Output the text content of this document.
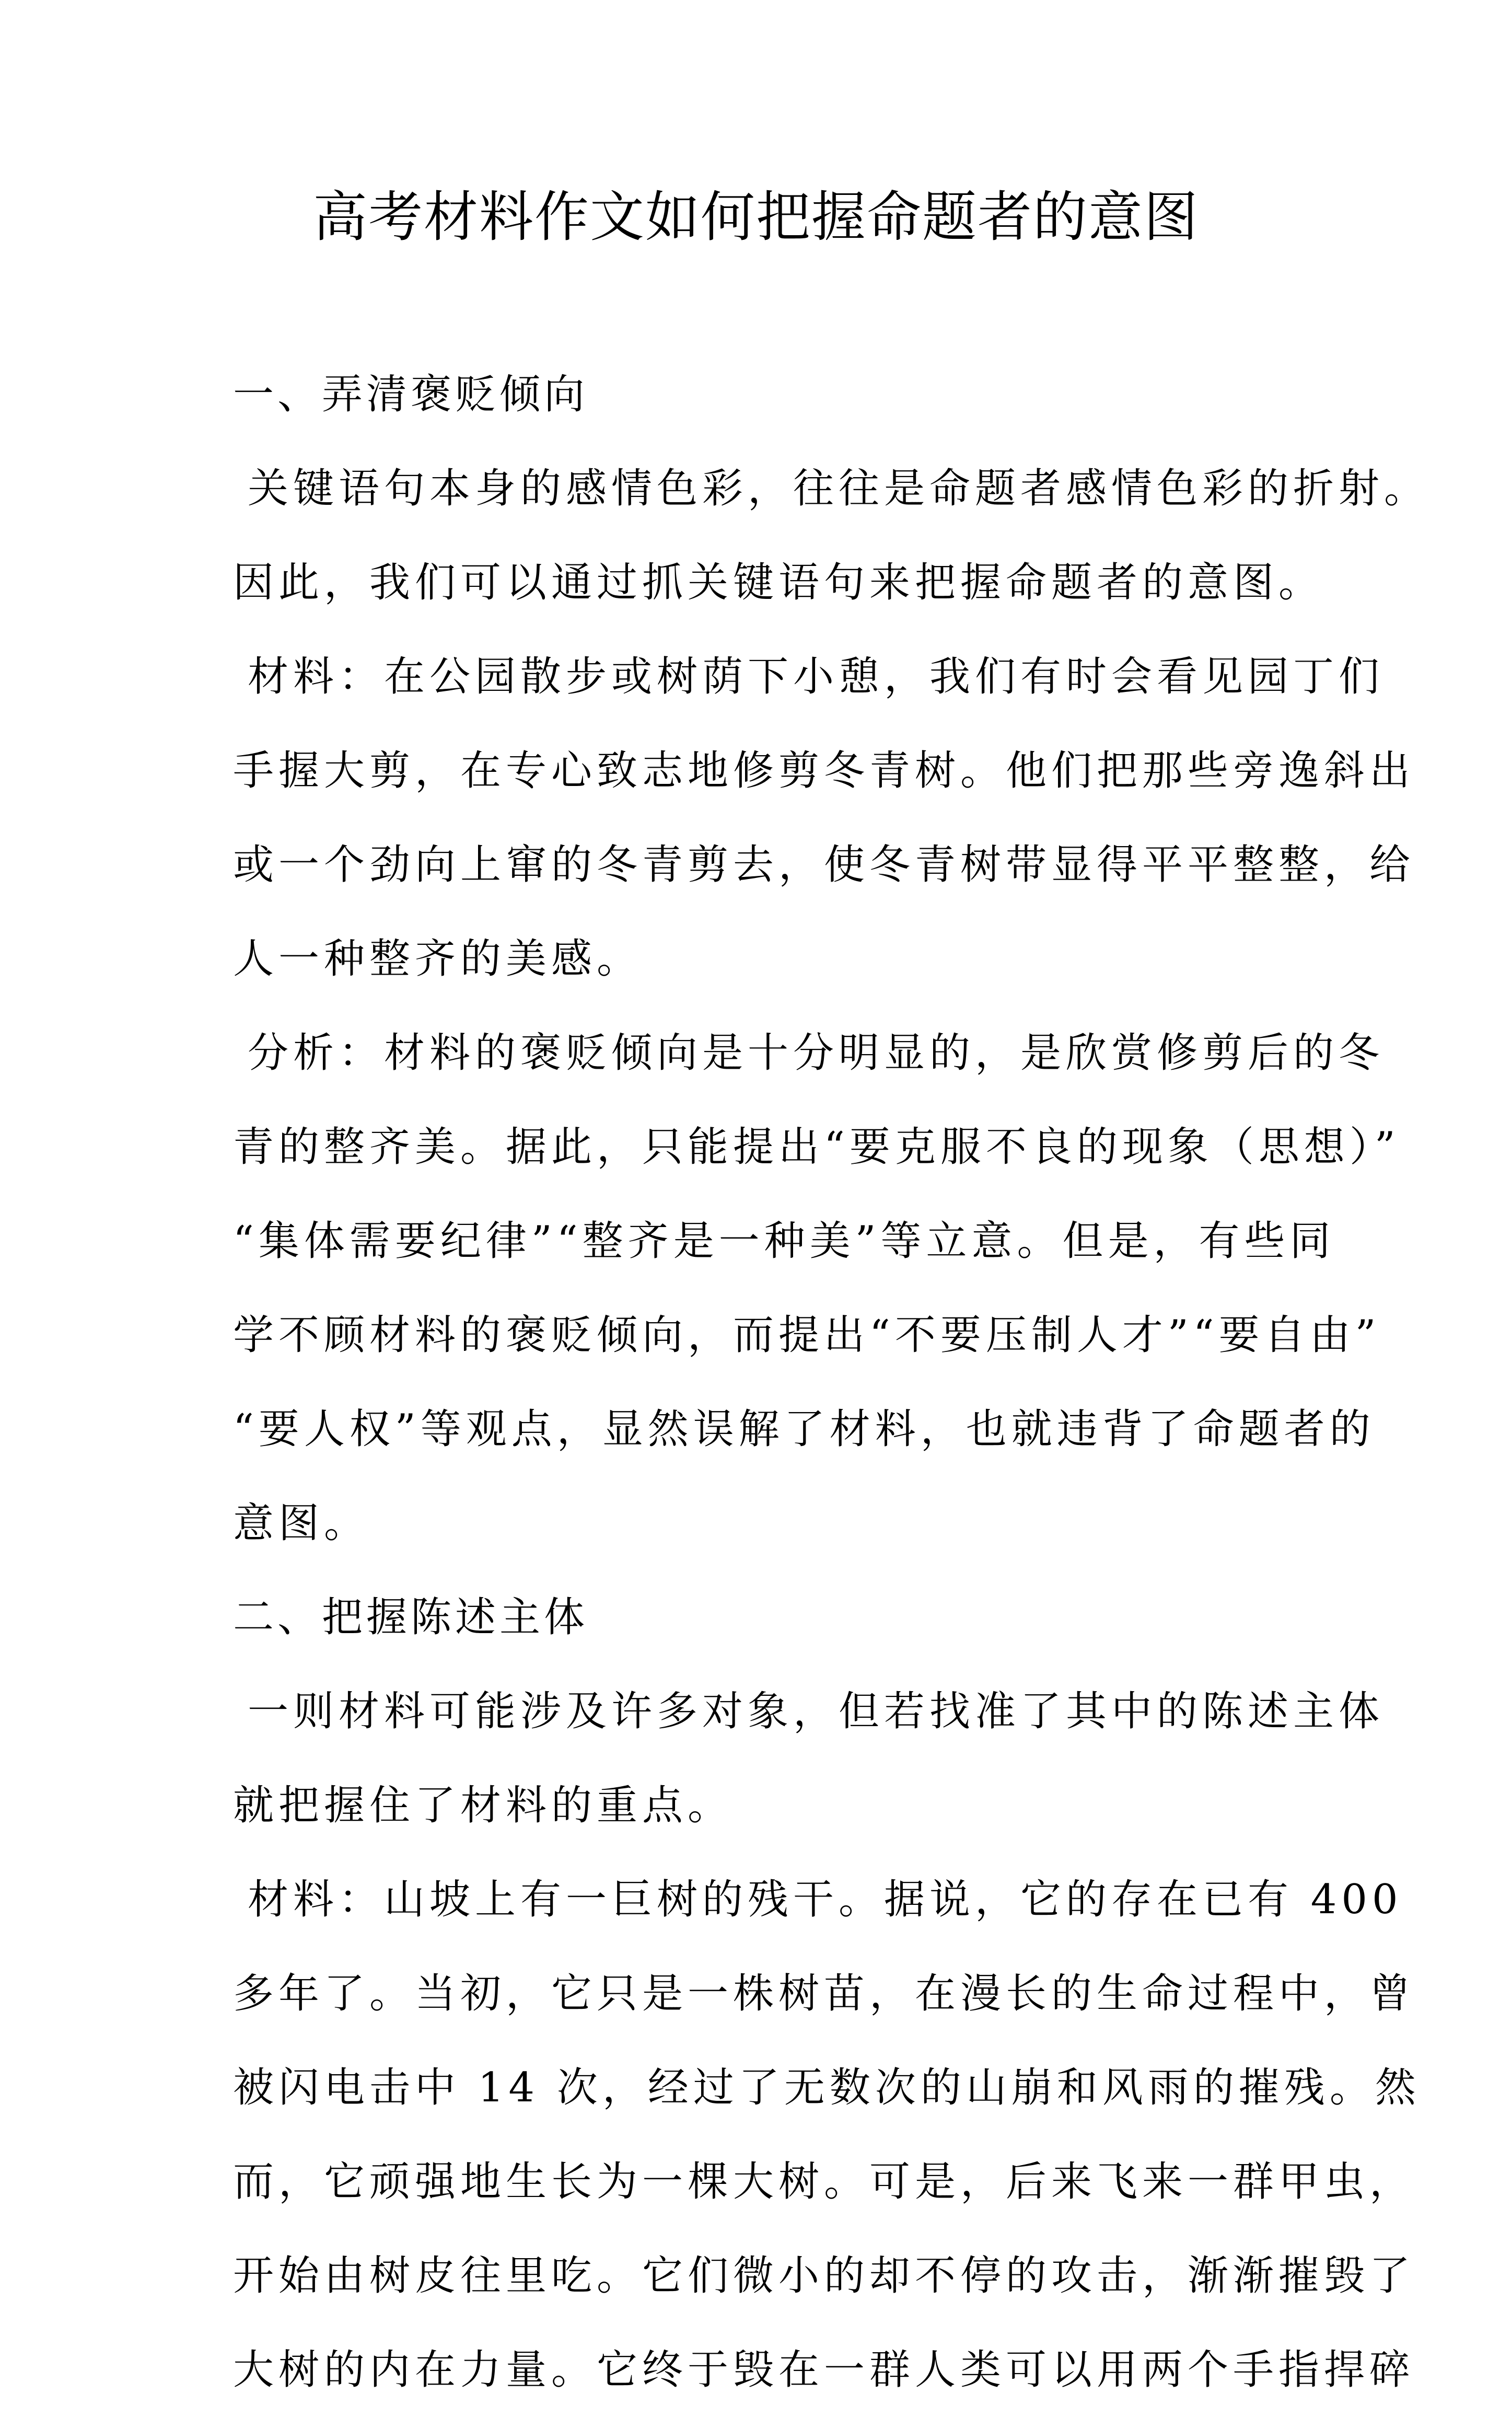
高考材料作文如何把握命题者的意图
一、弄清褒贬倾向
关键语句本身的感情色彩，往往是命题者感情色彩的折射。
因此，我们可以通过抓关键语句来把握命题者的意图。
材料：在公园散步或树荫下小憩，我们有时会看见园丁们
手握大剪，在专心致志地修剪冬青树。他们把那些旁逸斜出
或一个劲向上窜的冬青剪去，使冬青树带显得平平整整，给
人一种整齐的美感。
分析：材料的褒贬倾向是十分明显的，是欣赏修剪后的冬
青的整齐美。据此，只能提出“要克服不良的现象（思想）”
“集体需要纪律”“整齐是一种美”等立意。但是，有些同
学不顾材料的褒贬倾向，而提出“不要压制人才”“要自由”
“要人权”等观点，显然误解了材料，也就违背了命题者的
意图。
二、把握陈述主体
一则材料可能涉及许多对象，但若找准了其中的陈述主体
就把握住了材料的重点。
材料：山坡上有一巨树的残干。据说，它的存在已有 400
多年了。当初，它只是一株树苗，在漫长的生命过程中，曾
被闪电击中 14 次，经过了无数次的山崩和风雨的摧残。然
而，它顽强地生长为一棵大树。可是，后来飞来一群甲虫，
开始由树皮往里吃。它们微小的却不停的攻击，渐渐摧毁了
大树的内在力量。它终于毁在一群人类可以用两个手指捍碎
